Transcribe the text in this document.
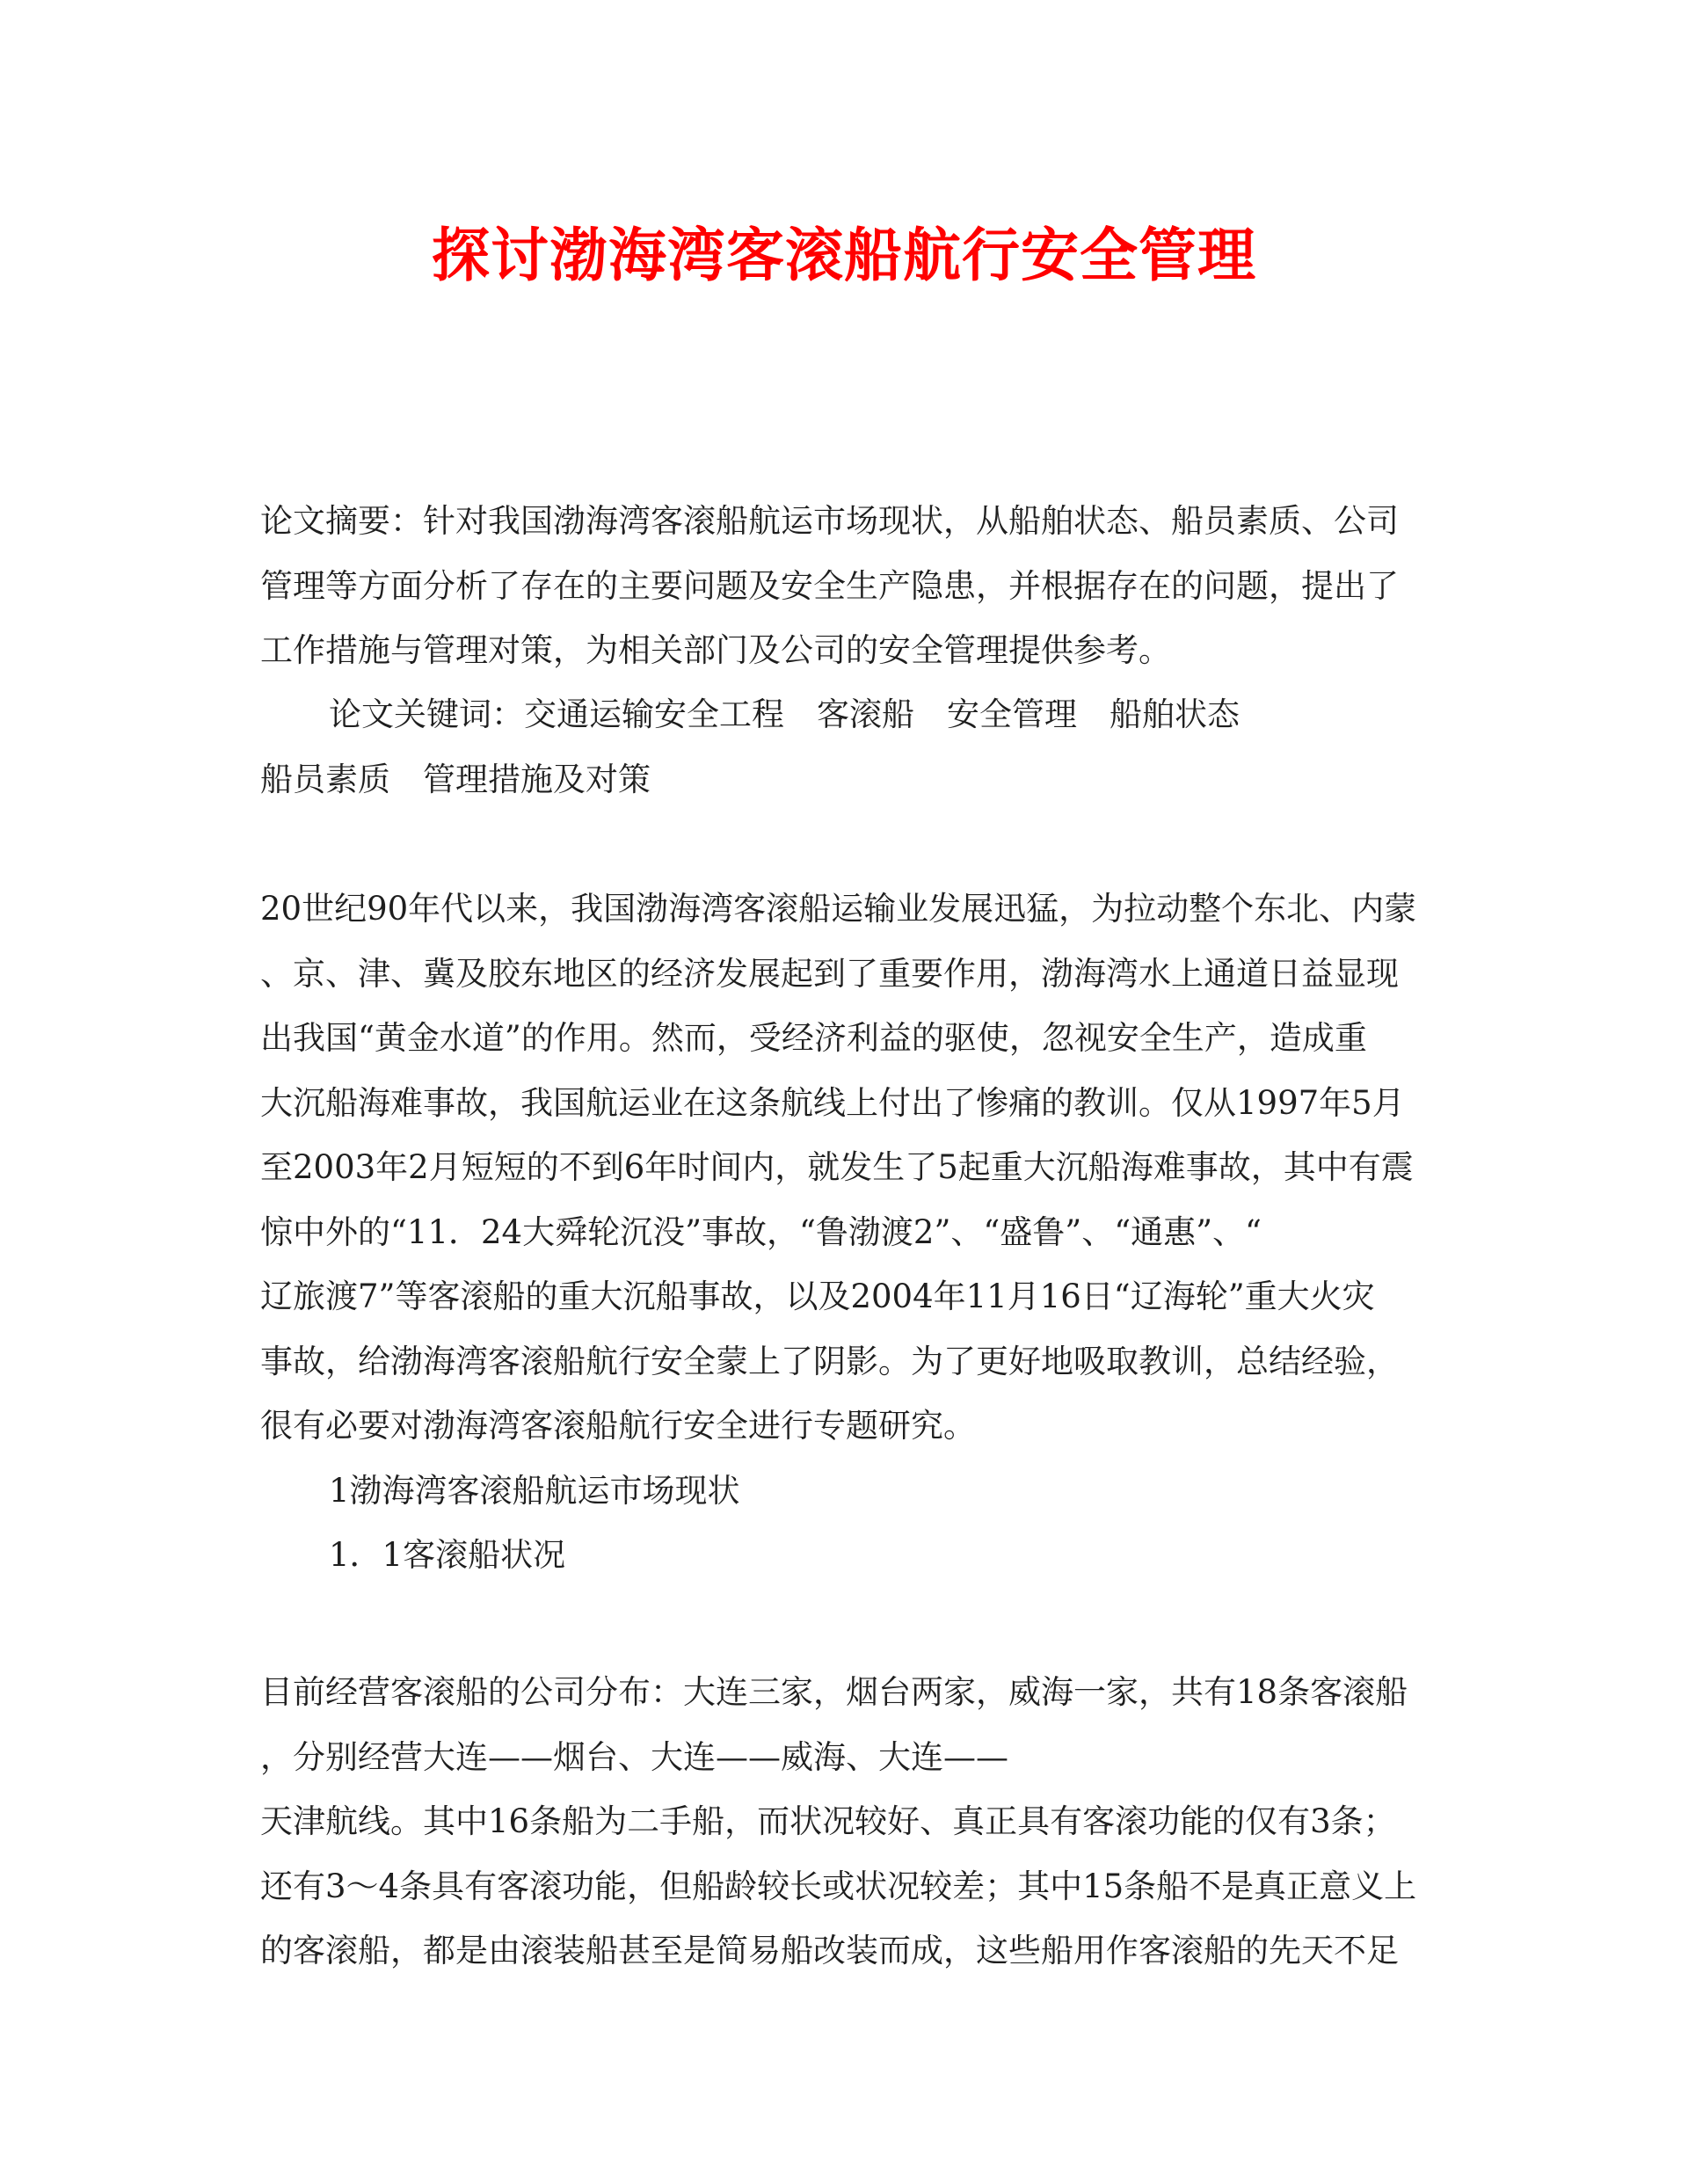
探讨渤海湾客滚船航行安全管理
论文摘要：针对我国渤海湾客滚船航运市场现状，从船舶状态、船员素质、公司
管理等方面分析了存在的主要问题及安全生产隐患，并根据存在的问题，提出了
工作措施与管理对策，为相关部门及公司的安全管理提供参考。
论文关键词：交通运输安全工程　客滚船　安全管理　船舶状态
船员素质　管理措施及对策
20世纪90年代以来，我国渤海湾客滚船运输业发展迅猛，为拉动整个东北、内蒙
、京、津、冀及胶东地区的经济发展起到了重要作用，渤海湾水上通道日益显现
出我国“黄金水道”的作用。然而，受经济利益的驱使，忽视安全生产，造成重
大沉船海难事故，我国航运业在这条航线上付出了惨痛的教训。仅从1997年5月
至2003年2月短短的不到6年时间内，就发生了5起重大沉船海难事故，其中有震
惊中外的“11．24大舜轮沉没”事故，“鲁渤渡2”、“盛鲁”、“通惠”、“
辽旅渡7”等客滚船的重大沉船事故，以及2004年11月16日“辽海轮”重大火灾
事故，给渤海湾客滚船航行安全蒙上了阴影。为了更好地吸取教训，总结经验，
很有必要对渤海湾客滚船航行安全进行专题研究。
1渤海湾客滚船航运市场现状
1．1客滚船状况
目前经营客滚船的公司分布：大连三家，烟台两家，威海一家，共有18条客滚船
，分别经营大连——烟台、大连——威海、大连——
天津航线。其中16条船为二手船，而状况较好、真正具有客滚功能的仅有3条；
还有3～4条具有客滚功能，但船龄较长或状况较差；其中15条船不是真正意义上
的客滚船，都是由滚装船甚至是简易船改装而成，这些船用作客滚船的先天不足
